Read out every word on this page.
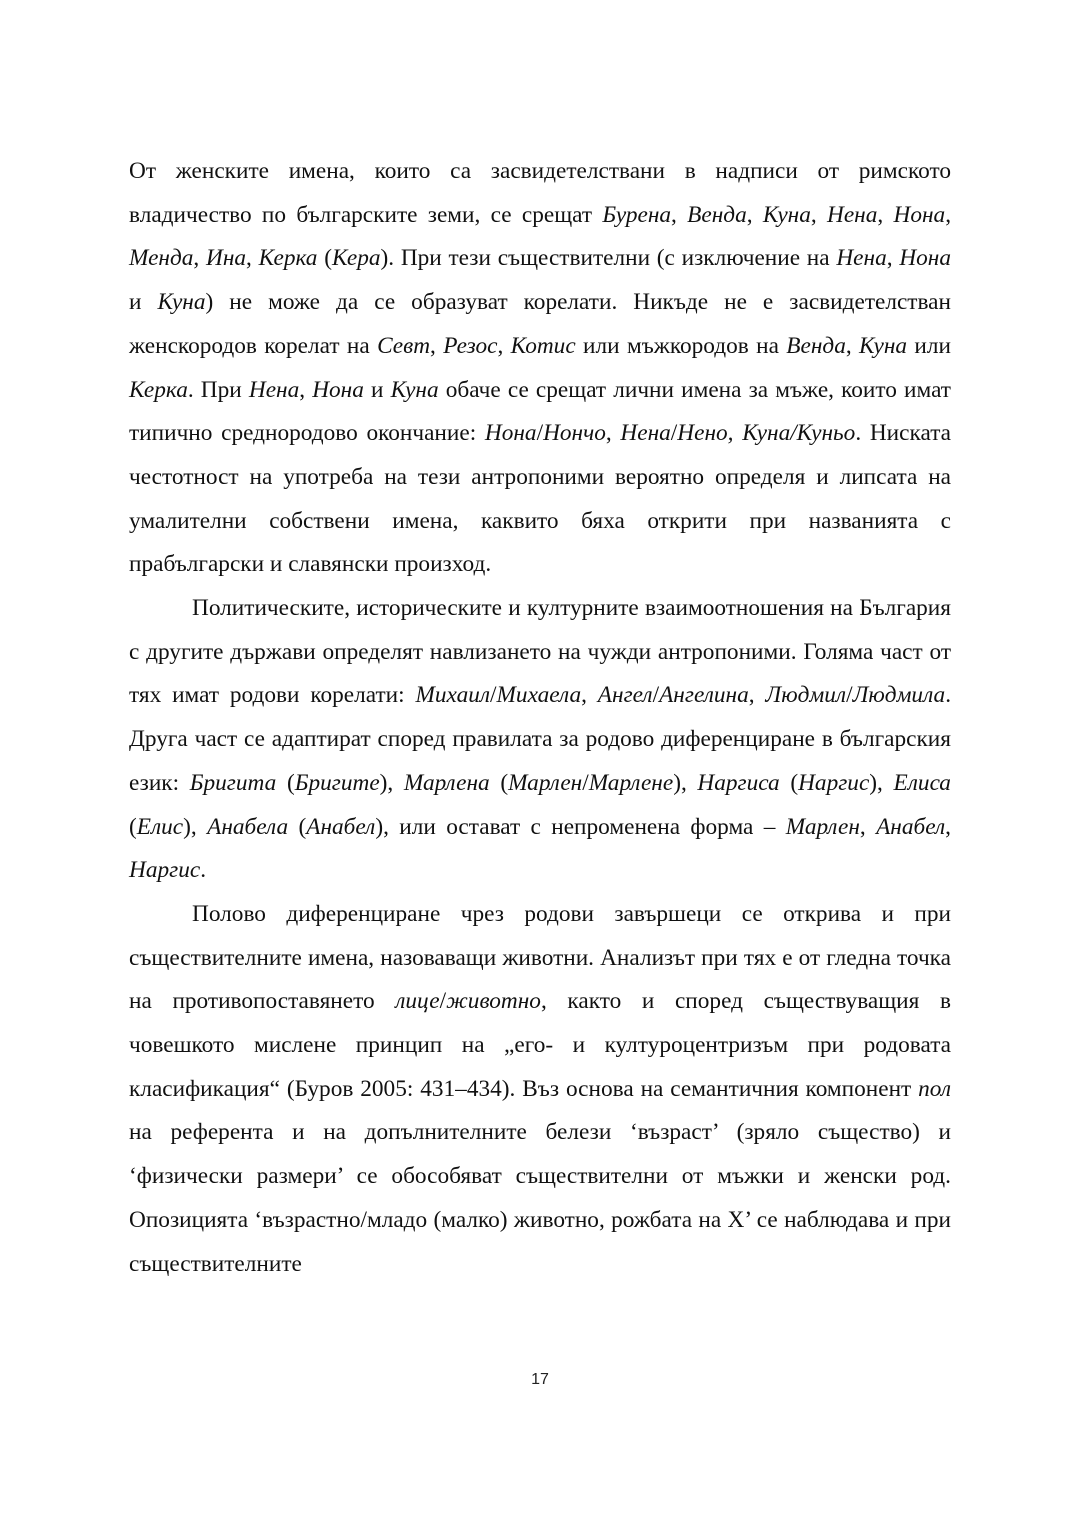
От женските имена, които са засвидетелствани в надписи от римското владичество по българските земи, се срещат Бурена, Венда, Куна, Нена, Нона, Менда, Ина, Керка (Кера). При тези съществителни (с изключение на Нена, Нона и Куна) не може да се образуват корелати. Никъде не е засвидетелстван женскородов корелат на Севт, Резос, Котис или мъжкородов на Венда, Куна или Керка. При Нена, Нона и Куна обаче се срещат лични имена за мъже, които имат типично среднородово окончание: Нона/Нончо, Нена/Нено, Куна/Куньо. Ниската честотност на употреба на тези антропоними вероятно определя и липсата на умалителни собствени имена, каквито бяха открити при названията с прабългарски и славянски произход.

Политическите, историческите и културните взаимоотношения на България с другите държави определят навлизането на чужди антропоними. Голяма част от тях имат родови корелати: Михаил/Михаела, Ангел/Ангелина, Людмил/Людмила. Друга част се адаптират според правилата за родово диференциране в българския език: Бригита (Бригите), Марлена (Марлен/Марлене), Наргиса (Наргис), Елиса (Елис), Анабела (Анабел), или остават с непроменена форма – Марлен, Анабел, Наргис.

Полово диференциране чрез родови завършеци се открива и при съществителните имена, назоваващи животни. Анализът при тях е от гледна точка на противопоставянето лице/животно, както и според съществуващия в човешкото мислене принцип на „его- и културоцентризъм при родовата класификация“ (Буров 2005: 431–434). Въз основа на семантичния компонент пол на референта и на допълнителните белези ‘възраст’ (зряло същество) и ‘физически размери’ се обособяват съществителни от мъжки и женски род. Опозицията ‘възрастно/младо (малко) животно, рожбата на Х’ се наблюдава и при съществителните

17
